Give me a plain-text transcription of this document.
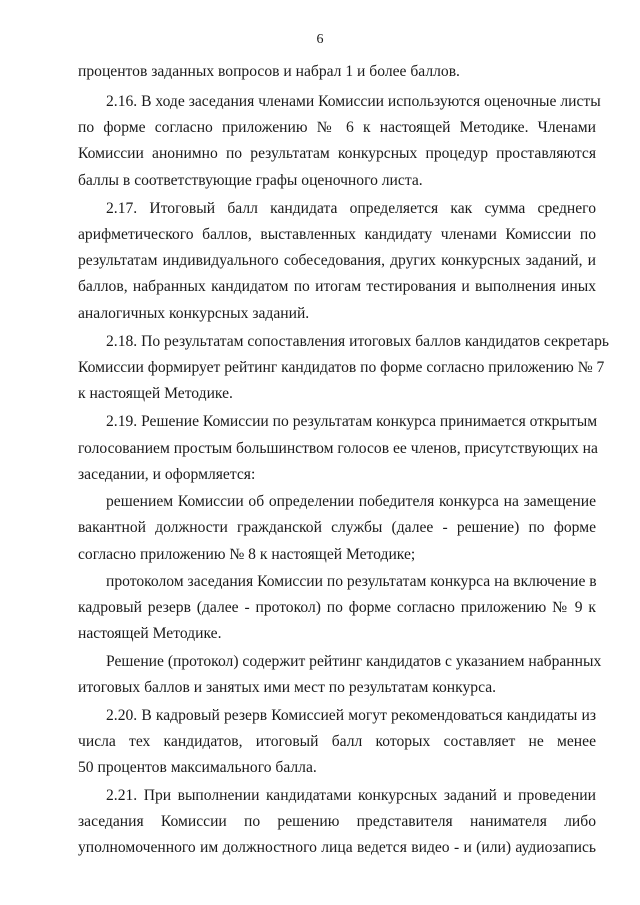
6
процентов заданных вопросов и набрал 1 и более баллов.
2.16. В ходе заседания членами Комиссии используются оценочные листы
по форме согласно приложению № 6 к настоящей Методике. Членами
Комиссии анонимно по результатам конкурсных процедур проставляются
баллы в соответствующие графы оценочного листа.
2.17. Итоговый балл кандидата определяется как сумма среднего
арифметического баллов, выставленных кандидату членами Комиссии по
результатам индивидуального собеседования, других конкурсных заданий, и
баллов, набранных кандидатом по итогам тестирования и выполнения иных
аналогичных конкурсных заданий.
2.18. По результатам сопоставления итоговых баллов кандидатов секретарь
Комиссии формирует рейтинг кандидатов по форме согласно приложению № 7
к настоящей Методике.
2.19. Решение Комиссии по результатам конкурса принимается открытым
голосованием простым большинством голосов ее членов, присутствующих на
заседании, и оформляется:
решением Комиссии об определении победителя конкурса на замещение
вакантной должности гражданской службы (далее - решение) по форме
согласно приложению № 8 к настоящей Методике;
протоколом заседания Комиссии по результатам конкурса на включение в
кадровый резерв (далее - протокол) по форме согласно приложению № 9 к
настоящей Методике.
Решение (протокол) содержит рейтинг кандидатов с указанием набранных
итоговых баллов и занятых ими мест по результатам конкурса.
2.20. В кадровый резерв Комиссией могут рекомендоваться кандидаты из
числа тех кандидатов, итоговый балл которых составляет не менее
50 процентов максимального балла.
2.21. При выполнении кандидатами конкурсных заданий и проведении
заседания Комиссии по решению представителя нанимателя либо
уполномоченного им должностного лица ведется видео - и (или) аудиозапись
